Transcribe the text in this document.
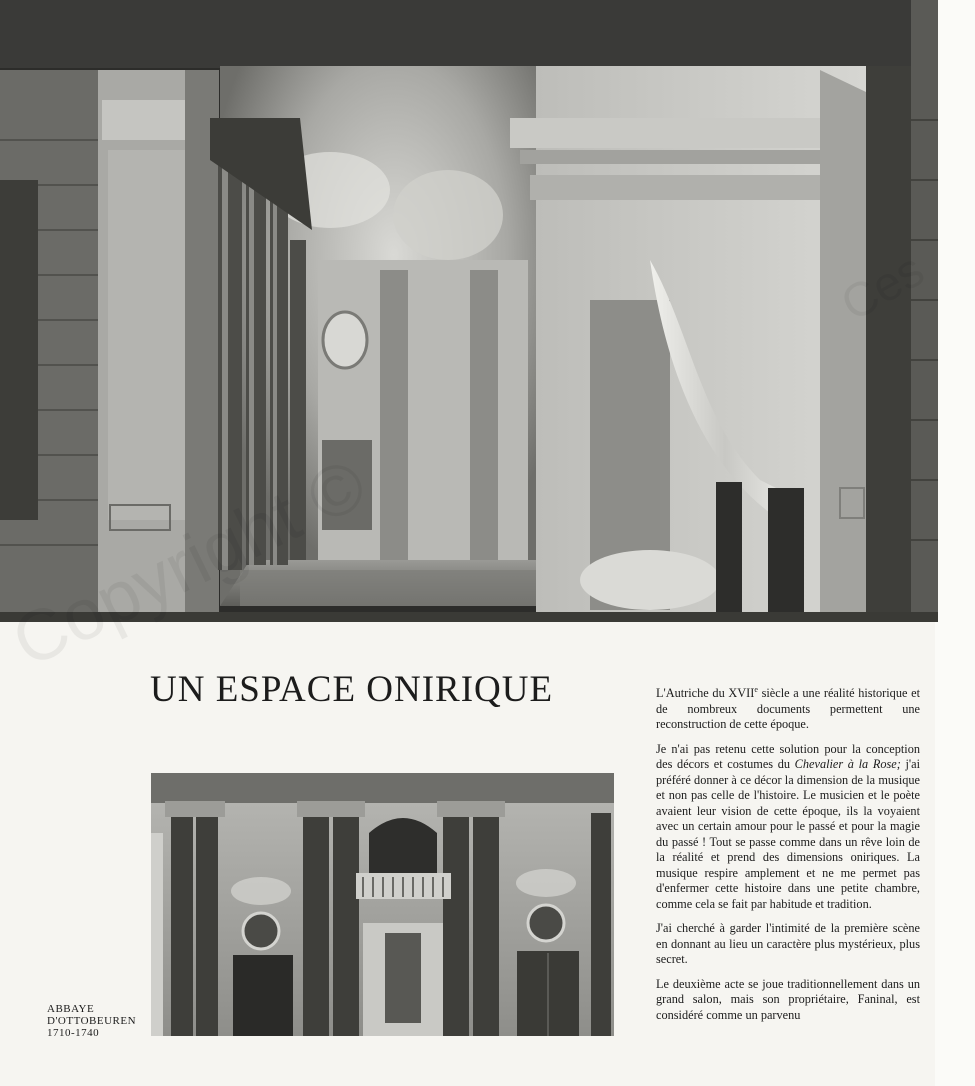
UN ESPACE ONIRIQUE
ABBAYE
D'OTTOBEUREN
1710-1740

L'Autriche du XVIIe siècle a une réalité historique et de nombreux documents permettent une reconstruction de cette époque.

Je n'ai pas retenu cette solution pour la conception des décors et costumes du Chevalier à la Rose; j'ai préféré donner à ce décor la dimension de la musique et non pas celle de l'histoire. Le musicien et le poète avaient leur vision de cette époque, ils la voyaient avec un certain amour pour le passé et pour la magie du passé ! Tout se passe comme dans un rêve loin de la réalité et prend des dimensions oniriques. La musique respire amplement et ne me permet pas d'enfermer cette histoire dans une petite chambre, comme cela se fait par habitude et tradition.

J'ai cherché à garder l'intimité de la première scène en donnant au lieu un caractère plus mystérieux, plus secret.

Le deuxième acte se joue traditionnellement dans un grand salon, mais son propriétaire, Faninal, est considéré comme un parvenu
